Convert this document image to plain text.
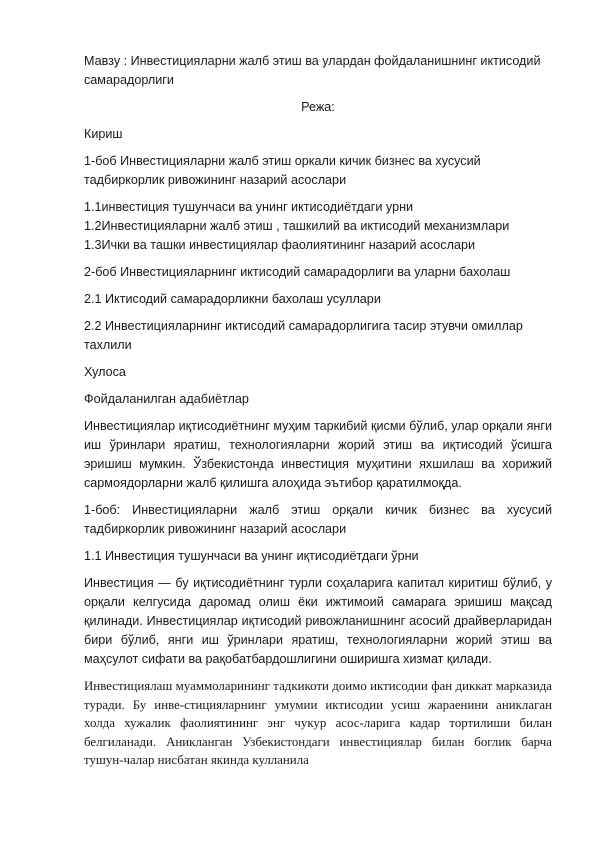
Мавзу : Инвестицияларни жалб этиш ва улардан фойдаланишнинг иктисодий самарадорлиги

Режа:

Кириш

1-боб Инвестицияларни жалб этиш оркали кичик бизнес ва хусусий тадбиркорлик ривожининг назарий асослари

1.1инвестиция тушунчаси ва унинг иктисодиётдаги урни

1.2Инвестицияларни жалб этиш , ташкилий ва иктисодий механизмлари

1.3Ички ва ташки инвестициялар фаолиятининг назарий асослари

2-боб Инвестицияларнинг иктисодий самарадорлиги ва уларни бахолаш

2.1 Иктисодий самарадорликни бахолаш усуллари

2.2 Инвестицияларнинг иктисодий самарадорлигига тасир этувчи омиллар тахлили

Хулоса

Фойдаланилган адабиётлар

Инвестициялар иқтисодиётнинг муҳим таркибий қисми бўлиб, улар орқали янги иш ўринлари яратиш, технологияларни жорий этиш ва иқтисодий ўсишга эришиш мумкин. Ўзбекистонда инвестиция муҳитини яхшилаш ва хорижий сармоядорларни жалб қилишга алоҳида эътибор қаратилмоқда.

1-боб: Инвестицияларни жалб этиш орқали кичик бизнес ва хусусий тадбиркорлик ривожининг назарий асослари

1.1 Инвестиция тушунчаси ва унинг иқтисодиётдаги ўрни

Инвестиция — бу иқтисодиётнинг турли соҳаларига капитал киритиш бўлиб, у орқали келгусида даромад олиш ёки ижтимоий самарага эришиш мақсад қилинади. Инвестициялар иқтисодий ривожланишнинг асосий драйверларидан бири бўлиб, янги иш ўринлари яратиш, технологияларни жорий этиш ва маҳсулот сифати ва рақобатбардошлигини оширишга хизмат қилади.

Инвестициялаш муаммоларининг тадкикоти доимо иктисодии фан диккат марказида туради. Бу инве-стицияларнинг умумии иктисодии усиш жараенини аниклаган холда хужалик фаолиятининг энг чукур асос-ларига кадар тортилиши билан белгиланади. Аникланган Узбекистондаги инвестициялар билан боглик барча тушун-чалар нисбатан якинда кулланила
